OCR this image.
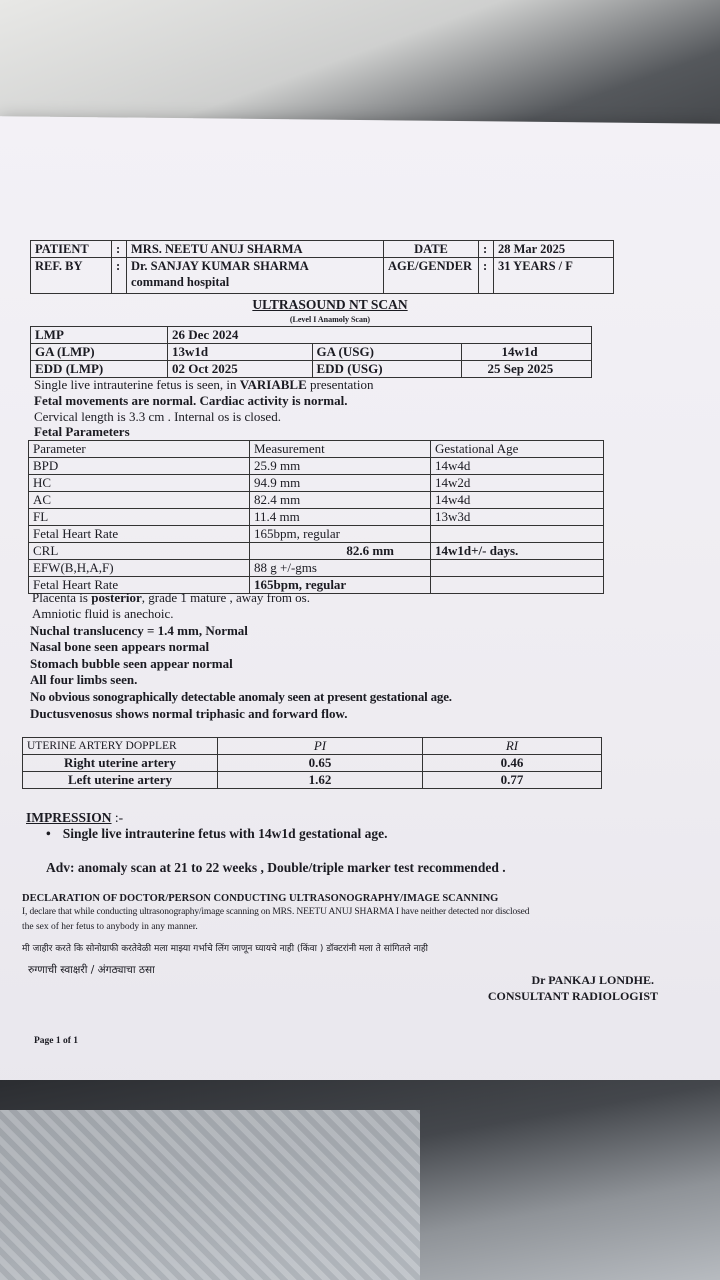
PATIENT	:	MRS. NEETU ANUJ SHARMA	DATE	:	28 Mar 2025
REF. BY	:	Dr. SANJAY KUMAR SHARMA
command hospital	AGE/GENDER	:	31 YEARS / F
ULTRASOUND NT SCAN
(Level I Anamoly Scan)
LMP	26 Dec 2024		
GA (LMP)	13w1d	GA (USG)	14w1d
EDD (LMP)	02 Oct 2025	EDD (USG)	25 Sep 2025
Single live intrauterine fetus is seen, in VARIABLE presentation
Fetal movements are normal. Cardiac activity is normal.
Cervical length is 3.3 cm . Internal os is closed.
Fetal Parameters
Parameter	Measurement	Gestational Age
BPD	25.9 mm	14w4d
HC	94.9 mm	14w2d
AC	82.4 mm	14w4d
FL	11.4 mm	13w3d
Fetal Heart Rate	165bpm, regular	
CRL	82.6 mm	14w1d+/- days.
EFW(B,H,A,F)	88 g +/-gms	
Fetal Heart Rate	165bpm, regular	
Placenta is posterior, grade 1 mature , away from os.
Amniotic fluid is anechoic.
Nuchal translucency = 1.4 mm, Normal
Nasal bone seen appears normal
Stomach bubble seen appear normal
All four limbs seen.
No obvious sonographically detectable anomaly seen at present gestational age.
Ductusvenosus shows normal triphasic and forward flow.
UTERINE ARTERY DOPPLER	PI	RI
Right uterine artery	0.65	0.46
Left uterine artery	1.62	0.77
IMPRESSION :-
• Single live intrauterine fetus with 14w1d gestational age.
Adv: anomaly scan at 21 to 22 weeks , Double/triple marker test recommended .
DECLARATION OF DOCTOR/PERSON CONDUCTING ULTRASONOGRAPHY/IMAGE SCANNING
I, declare that while conducting ultrasonography/image scanning on MRS. NEETU ANUJ SHARMA I have neither detected nor disclosed
the sex of her fetus to anybody in any manner.
मी जाहीर करते कि सोनोग्राफी करतेवेळी मला माझ्या गर्भाचे लिंग जाणून घ्यायचे नाही (किंवा ) डॉक्टरांनी मला ते सांगितले नाही
रुग्णाची स्वाक्षरी / अंगठ्याचा ठसा
Dr PANKAJ LONDHE.
CONSULTANT RADIOLOGIST
Page 1 of 1
